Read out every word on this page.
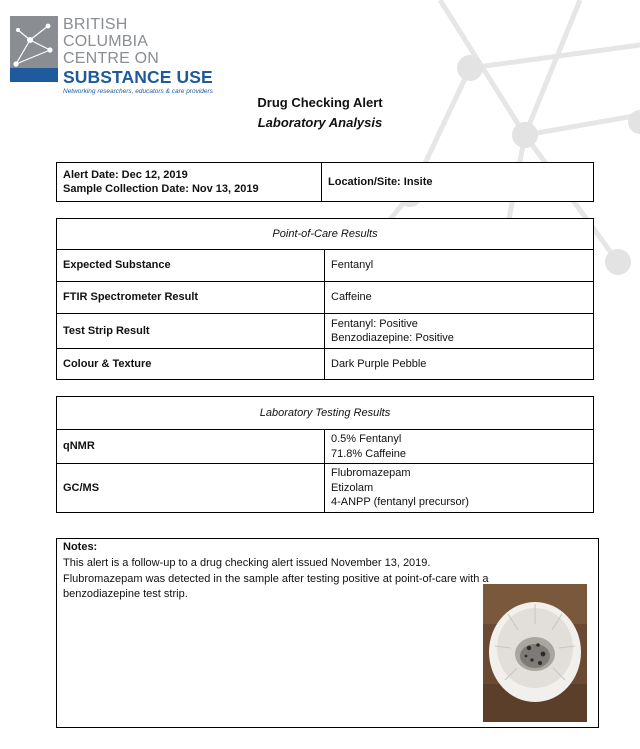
BRITISH COLUMBIA
CENTRE ON
SUBSTANCE USE
Networking researchers, educators & care providers
Drug Checking Alert
Laboratory Analysis
Alert Date: Dec 12, 2019
Sample Collection Date: Nov 13, 2019
	Location/Site: Insite
Point-of-Care Results	
Expected Substance	Fentanyl

FTIR Spectrometer Result	Caffeine

Test Strip Result	Fentanyl: Positive
Benzodiazepine: Positive

Colour & Texture	Dark Purple Pebble
Laboratory Testing Results	
qNMR	0.5% Fentanyl
71.8% Caffeine

GC/MS	Flubromazepam
Etizolam
4-ANPP (fentanyl precursor)
Notes:
This alert is a follow-up to a drug checking alert issued November 13, 2019.
Flubromazepam was detected in the sample after testing positive at point-of-care with a benzodiazepine test strip.
